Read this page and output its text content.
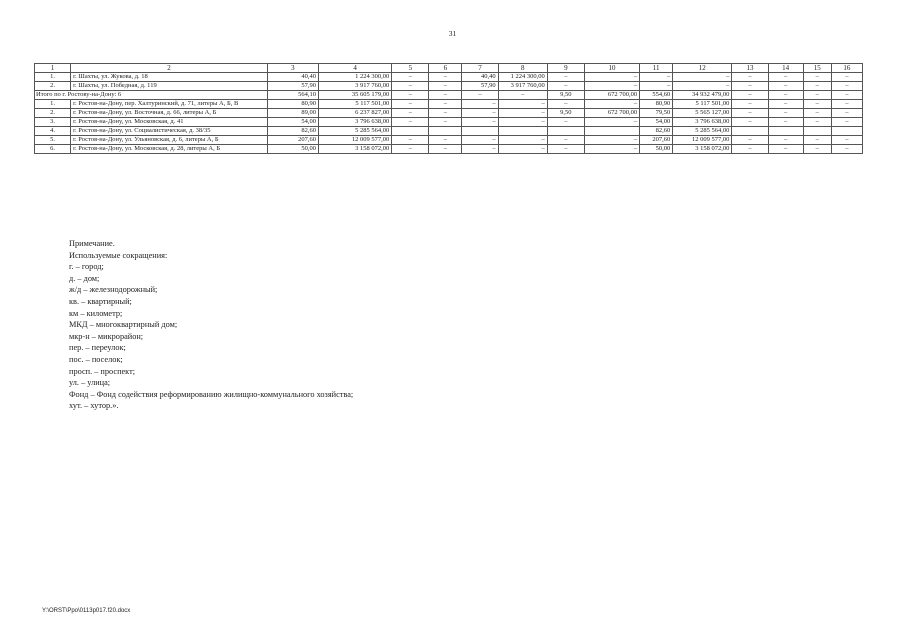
31
1	2	3	4	5	6	7	8	9	10	11	12	13	14	15	16
1.	г. Шахты, ул. Жукова, д. 18	40,40	1 224 300,00	–	–	40,40	1 224 300,00	–	–	–	–	–	–	–	–
2.	г. Шахты, ул. Победная, д. 119	57,90	3 917 760,00	–	–	57,90	3 917 760,00	–	–	–	–	–	–	–	–
Итого по г. Ростову-на-Дону: 6		564,10	35 605 179,00	–	–	–	–	9,50	672 700,00	554,60	34 932 479,00	–	–	–	–
1.	г. Ростов-на-Дону, пер. Халтуринский, д. 71, литеры А, Б, В	80,90	5 117 501,00	–	–	–	–	–	–	80,90	5 117 501,00	–	–	–	–
2.	г. Ростов-на-Дону, ул. Восточная, д. 66, литеры А, Б	89,00	6 237 827,00	–	–	–	–	9,50	672 700,00	79,50	5 565 127,00	–	–	–	–
3.	г. Ростов-на-Дону, ул. Московская, д. 41	54,00	3 796 638,00	–	–	–	–	–	–	54,00	3 796 638,00	–	–	–	–
4.	г. Ростов-на-Дону, ул. Социалистическая, д. 38/35	82,60	5 285 564,00							82,60	5 285 564,00				
5.	г. Ростов-на-Дону, ул. Ульяновская, д. 6, литеры А, Б	207,60	12 009 577,00	–	–	–	–	–	–	207,60	12 009 577,00	–	–	–	–
6.	г. Ростов-на-Дону, ул. Московская, д. 28, литеры А, Б	50,00	3 158 072,00	–	–	–	–	–	–	50,00	3 158 072,00	–	–	–	–
Примечание.
Используемые сокращения:
г. – город;
д. – дом;
ж/д – железнодорожный;
кв. – квартирный;
км – километр;
МКД – многоквартирный дом;
мкр-н – микрорайон;
пер. – переулок;
пос. – поселок;
просп. – проспект;
ул. – улица;
Фонд – Фонд содействия реформированию жилищно-коммунального хозяйства;
хут. – хутор.».
Y:\ORST\Ppo\0113p017.f20.docx
